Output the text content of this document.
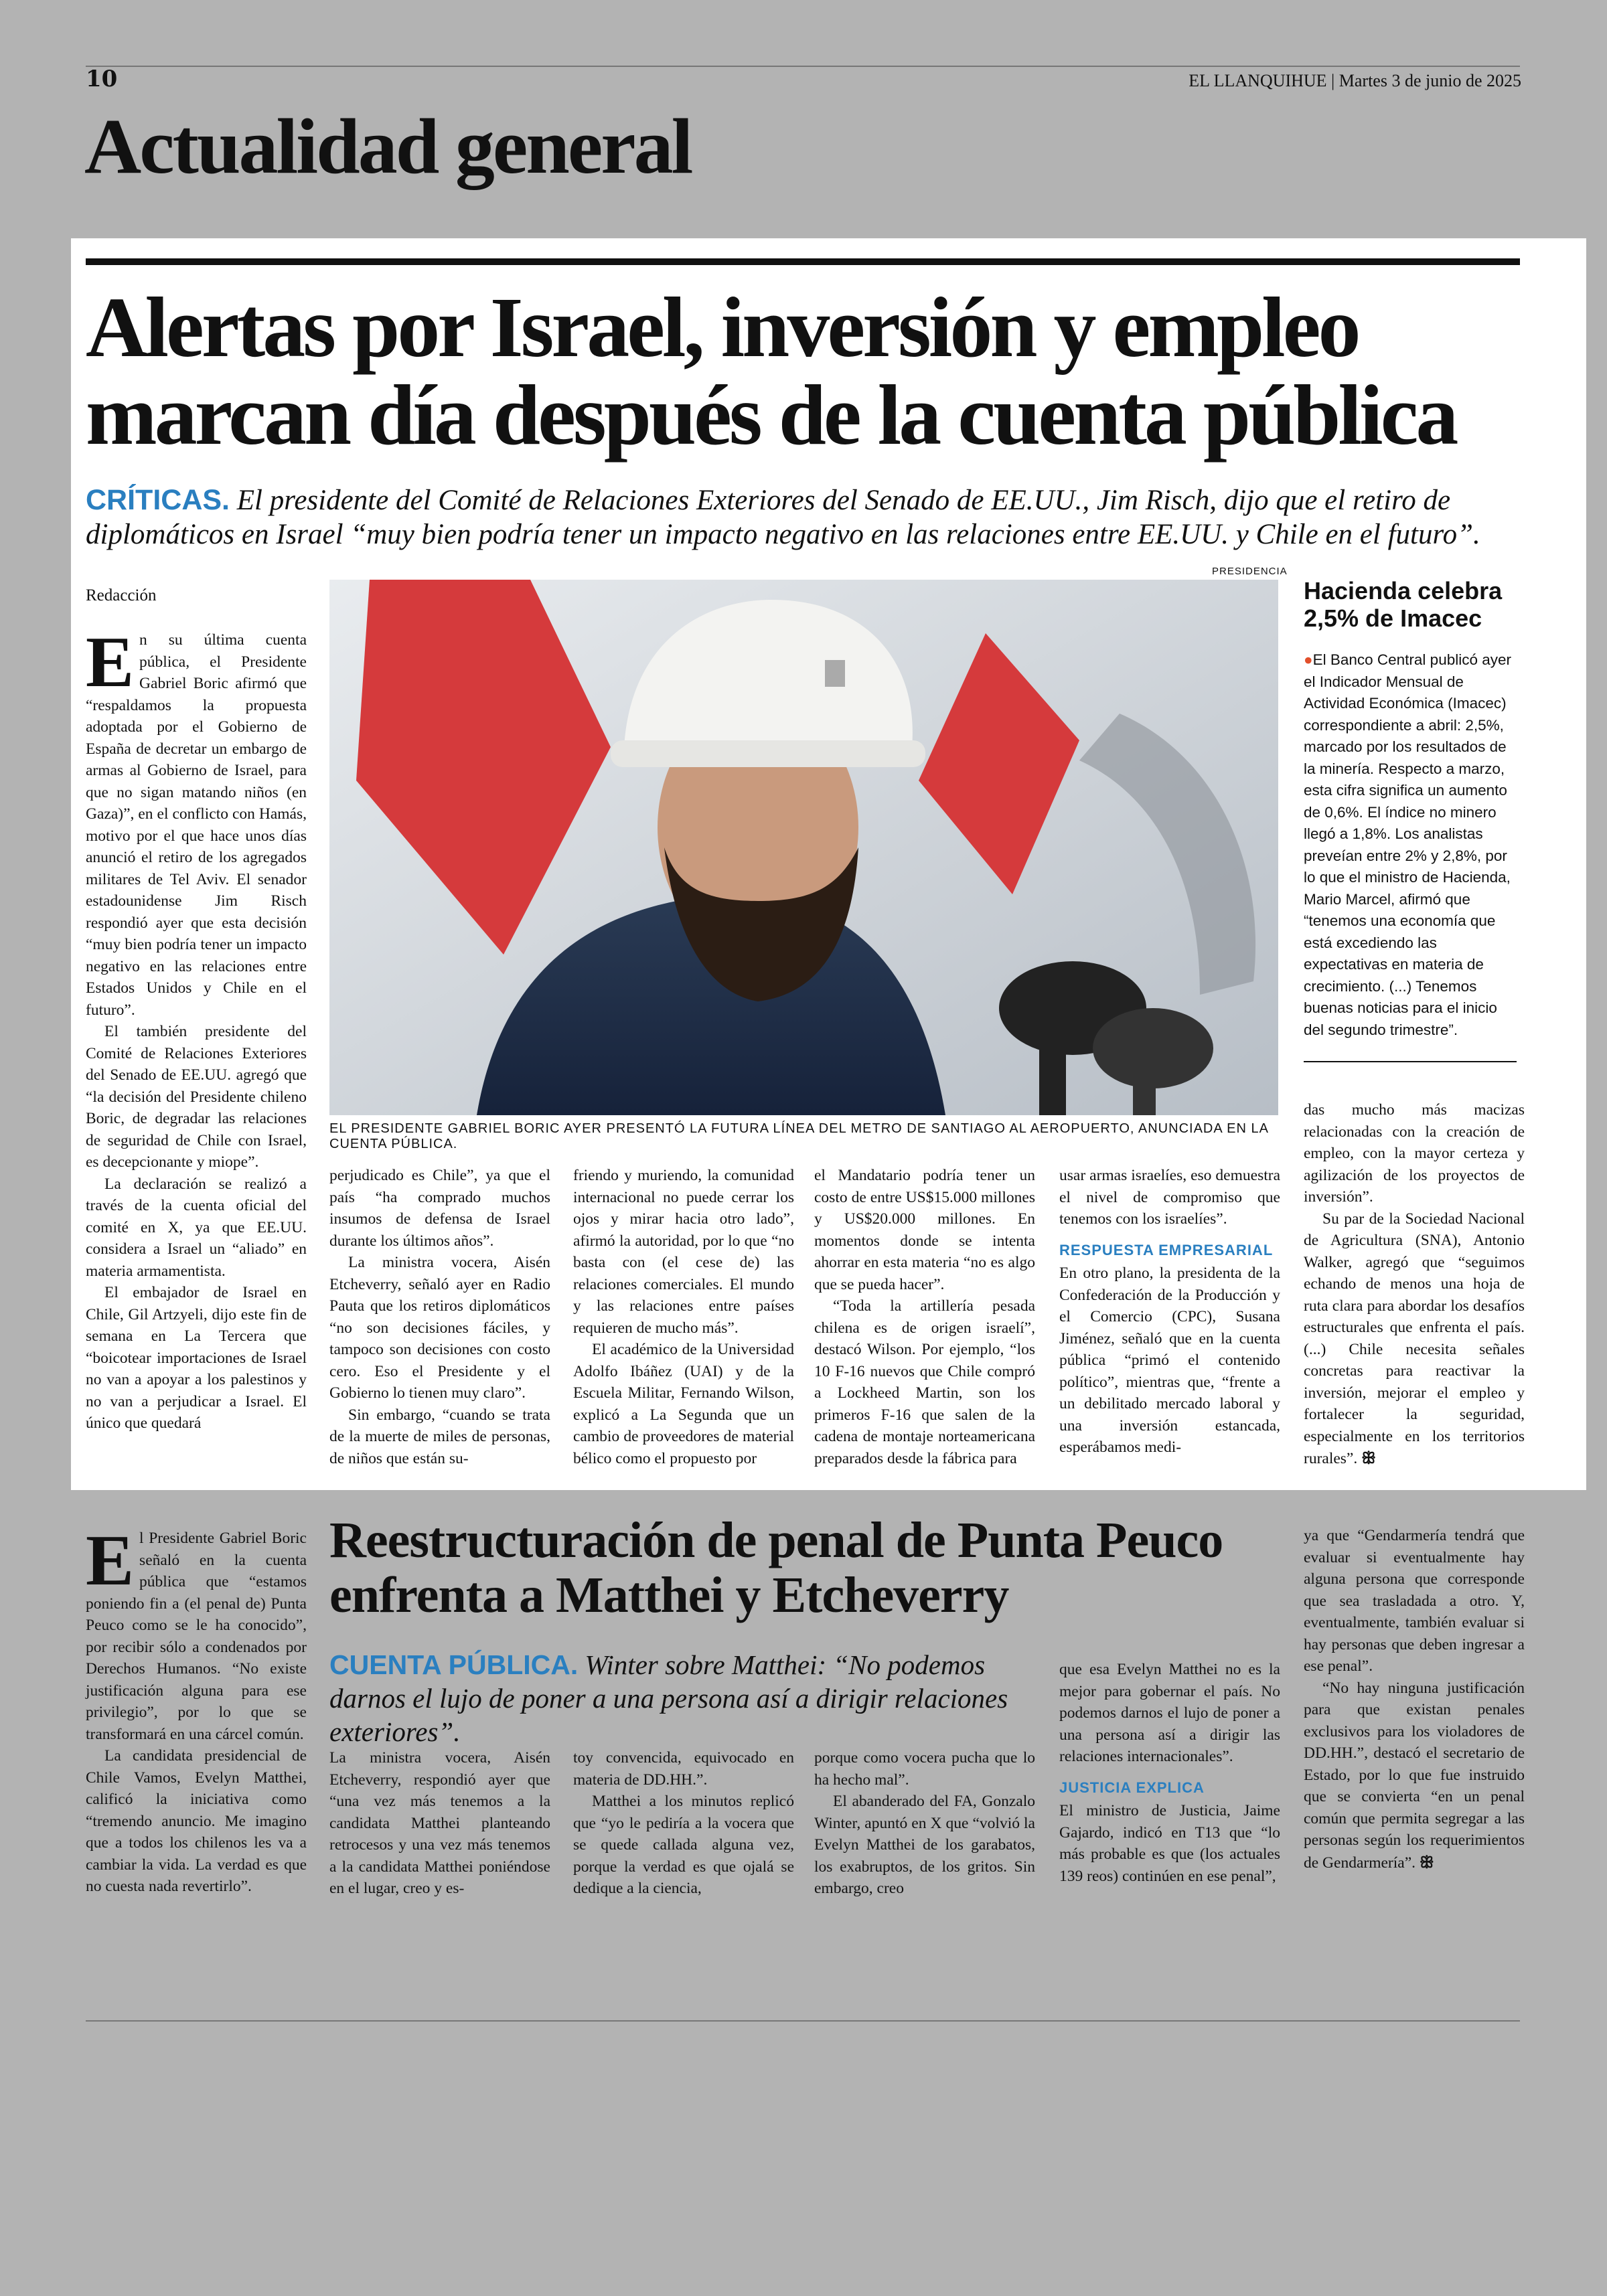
10	EL LLANQUIHUE | Martes 3 de junio de 2025
Actualidad general
Alertas por Israel, inversión y empleo marcan día después de la cuenta pública
CRÍTICAS. El presidente del Comité de Relaciones Exteriores del Senado de EE.UU., Jim Risch, dijo que el retiro de diplomáticos en Israel “muy bien podría tener un impacto negativo en las relaciones entre EE.UU. y Chile en el futuro”.
PRESIDENCIA
Redacción
EL PRESIDENTE GABRIEL BORIC AYER PRESENTÓ LA FUTURA LÍNEA DEL METRO DE SANTIAGO AL AEROPUERTO, ANUNCIADA EN LA CUENTA PÚBLICA.
E n su última cuenta pública, el Presidente Gabriel Boric afirmó que “respaldamos la propuesta adoptada por el Gobierno de España de decretar un embargo de armas al Gobierno de Israel, para que no sigan matando niños (en Gaza)”, en el conflicto con Hamás, motivo por el que hace unos días anunció el retiro de los agregados militares de Tel Aviv. El senador estadounidense Jim Risch respondió ayer que esta decisión “muy bien podría tener un impacto negativo en las relaciones entre Estados Unidos y Chile en el futuro”.

El también presidente del Comité de Relaciones Exteriores del Senado de EE.UU. agregó que “la decisión del Presidente chileno Boric, de degradar las relaciones de seguridad de Chile con Israel, es decepcionante y miope”.

La declaración se realizó a través de la cuenta oficial del comité en X, ya que EE.UU. considera a Israel un “aliado” en materia armamentista.

El embajador de Israel en Chile, Gil Artzyeli, dijo este fin de semana en La Tercera que “boicotear importaciones de Israel no van a apoyar a los palestinos y no van a perjudicar a Israel. El único que quedará

perjudicado es Chile”, ya que el país “ha comprado muchos insumos de defensa de Israel durante los últimos años”.

La ministra vocera, Aisén Etcheverry, señaló ayer en Radio Pauta que los retiros diplomáticos “no son decisiones fáciles, y tampoco son decisiones con costo cero. Eso el Presidente y el Gobierno lo tienen muy claro”.

Sin embargo, “cuando se trata de la muerte de miles de personas, de niños que están su-

friendo y muriendo, la comunidad internacional no puede cerrar los ojos y mirar hacia otro lado”, afirmó la autoridad, por lo que “no basta con (el cese de) las relaciones comerciales. El mundo y las relaciones entre países requieren de mucho más”.

El académico de la Universidad Adolfo Ibáñez (UAI) y de la Escuela Militar, Fernando Wilson, explicó a La Segunda que un cambio de proveedores de material bélico como el propuesto por

el Mandatario podría tener un costo de entre US$15.000 millones y US$20.000 millones. En momentos donde se intenta ahorrar en esta materia “no es algo que se pueda hacer”.

“Toda la artillería pesada chilena es de origen israelí”, destacó Wilson. Por ejemplo, “los 10 F-16 nuevos que Chile compró a Lockheed Martin, son los primeros F-16 que salen de la cadena de montaje norteamericana preparados desde la fábrica para

usar armas israelíes, eso demuestra el nivel de compromiso que tenemos con los israelíes”.

RESPUESTA EMPRESARIAL

En otro plano, la presidenta de la Confederación de la Producción y el Comercio (CPC), Susana Jiménez, señaló que en la cuenta pública “primó el contenido político”, mientras que, “frente a un debilitado mercado laboral y una inversión estancada, esperábamos medi-

das mucho más macizas relacionadas con la creación de empleo, con la mayor certeza y agilización de los proyectos de inversión”.

Su par de la Sociedad Nacional de Agricultura (SNA), Antonio Walker, agregó que “seguimos echando de menos una hoja de ruta clara para abordar los desafíos estructurales que enfrenta el país. (...) Chile necesita señales concretas para reactivar la inversión, mejorar el empleo y fortalecer la seguridad, especialmente en los territorios rurales”. ꕥ

Hacienda celebra 2,5% de Imacec
●El Banco Central publicó ayer el Indicador Mensual de Actividad Económica (Imacec) correspondiente a abril: 2,5%, marcado por los resultados de la minería. Respecto a marzo, esta cifra significa un aumento de 0,6%. El índice no minero llegó a 1,8%. Los analistas preveían entre 2% y 2,8%, por lo que el ministro de Hacienda, Mario Marcel, afirmó que “tenemos una economía que está excediendo las expectativas en materia de crecimiento. (...) Tenemos buenas noticias para el inicio del segundo trimestre”.
E l Presidente Gabriel Boric señaló en la cuenta pública que “estamos poniendo fin a (el penal de) Punta Peuco como se le ha conocido”, por recibir sólo a condenados por Derechos Humanos. “No existe justificación alguna para ese privilegio”, por lo que se transformará en una cárcel común.

La candidata presidencial de Chile Vamos, Evelyn Matthei, calificó la iniciativa como “tremendo anuncio. Me imagino que a todos los chilenos les va a cambiar la vida. La verdad es que no cuesta nada revertirlo”.

Reestructuración de penal de Punta Peuco enfrenta a Matthei y Etcheverry
CUENTA PÚBLICA. Winter sobre Matthei: “No podemos darnos el lujo de poner a una persona así a dirigir relaciones exteriores”.

La ministra vocera, Aisén Etcheverry, respondió ayer que “una vez más tenemos a la candidata Matthei planteando retrocesos y una vez más tenemos a la candidata Matthei poniéndose en el lugar, creo y es-

toy convencida, equivocado en materia de DD.HH.”.

Matthei a los minutos replicó que “yo le pediría a la vocera que se quede callada alguna vez, porque la verdad es que ojalá se dedique a la ciencia,

porque como vocera pucha que lo ha hecho mal”.

El abanderado del FA, Gonzalo Winter, apuntó en X que “volvió la Evelyn Matthei de los garabatos, los exabruptos, de los gritos. Sin embargo, creo

que esa Evelyn Matthei no es la mejor para gobernar el país. No podemos darnos el lujo de poner a una persona así a dirigir las relaciones internacionales”.

JUSTICIA EXPLICA

El ministro de Justicia, Jaime Gajardo, indicó en T13 que “lo más probable es que (los actuales 139 reos) continúen en ese penal”,

ya que “Gendarmería tendrá que evaluar si eventualmente hay alguna persona que corresponde que sea trasladada a otro. Y, eventualmente, también evaluar si hay personas que deben ingresar a ese penal”.

“No hay ninguna justificación para que existan penales exclusivos para los violadores de DD.HH.”, destacó el secretario de Estado, por lo que fue instruido que se convierta “en un penal común que permita segregar a las personas según los requerimientos de Gendarmería”. ꕥ
